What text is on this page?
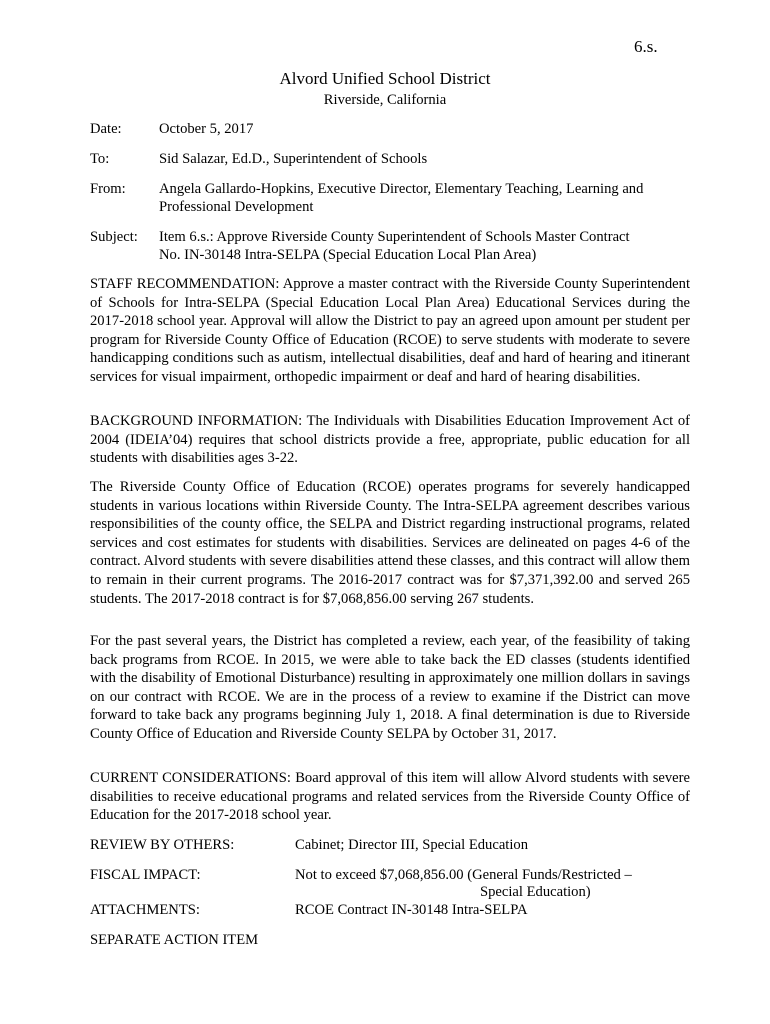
6.s.
Alvord Unified School District
Riverside, California
Date:	October 5, 2017
To:	Sid Salazar, Ed.D., Superintendent of Schools
From: Angela Gallardo-Hopkins, Executive Director, Elementary Teaching, Learning and
Professional Development
Subject: Item 6.s.: Approve Riverside County Superintendent of Schools Master Contract
No. IN-30148 Intra-SELPA (Special Education Local Plan Area)

STAFF RECOMMENDATION: Approve a master contract with the Riverside County Superintendent of Schools for Intra-SELPA (Special Education Local Plan Area) Educational Services during the 2017-2018 school year. Approval will allow the District to pay an agreed upon amount per student per program for Riverside County Office of Education (RCOE) to serve students with moderate to severe handicapping conditions such as autism, intellectual disabilities, deaf and hard of hearing and itinerant services for visual impairment, orthopedic impairment or deaf and hard of hearing disabilities.

BACKGROUND INFORMATION: The Individuals with Disabilities Education Improvement Act of 2004 (IDEIA’04) requires that school districts provide a free, appropriate, public education for all students with disabilities ages 3-22.

The Riverside County Office of Education (RCOE) operates programs for severely handicapped students in various locations within Riverside County. The Intra-SELPA agreement describes various responsibilities of the county office, the SELPA and District regarding instructional programs, related services and cost estimates for students with disabilities. Services are delineated on pages 4-6 of the contract. Alvord students with severe disabilities attend these classes, and this contract will allow them to remain in their current programs. The 2016-2017 contract was for $7,371,392.00 and served 265 students. The 2017-2018 contract is for $7,068,856.00 serving 267 students.

For the past several years, the District has completed a review, each year, of the feasibility of taking back programs from RCOE. In 2015, we were able to take back the ED classes (students identified with the disability of Emotional Disturbance) resulting in approximately one million dollars in savings on our contract with RCOE. We are in the process of a review to examine if the District can move forward to take back any programs beginning July 1, 2018. A final determination is due to Riverside County Office of Education and Riverside County SELPA by October 31, 2017.

CURRENT CONSIDERATIONS: Board approval of this item will allow Alvord students with severe disabilities to receive educational programs and related services from the Riverside County Office of Education for the 2017-2018 school year.

REVIEW BY OTHERS:	Cabinet; Director III, Special Education
FISCAL IMPACT:	Not to exceed $7,068,856.00 (General Funds/Restricted –
Special Education)
ATTACHMENTS:	RCOE Contract IN-30148 Intra-SELPA
SEPARATE ACTION ITEM
